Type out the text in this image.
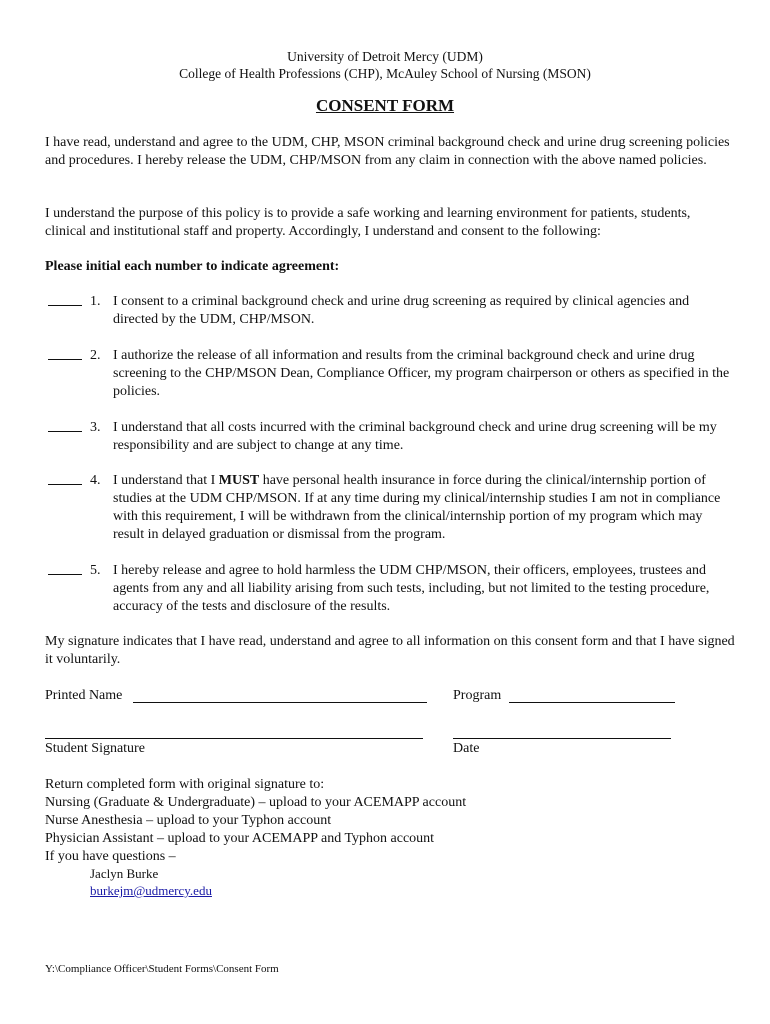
University of Detroit Mercy (UDM)
College of Health Professions (CHP), McAuley School of Nursing (MSON)
CONSENT FORM
I have read, understand and agree to the UDM, CHP, MSON criminal background check and urine drug screening policies and procedures. I hereby release the UDM, CHP/MSON from any claim in connection with the above named policies.
I understand the purpose of this policy is to provide a safe working and learning environment for patients, students, clinical and institutional staff and property. Accordingly, I understand and consent to the following:
Please initial each number to indicate agreement:
1. I consent to a criminal background check and urine drug screening as required by clinical agencies and directed by the UDM, CHP/MSON.
2. I authorize the release of all information and results from the criminal background check and urine drug screening to the CHP/MSON Dean, Compliance Officer, my program chairperson or others as specified in the policies.
3. I understand that all costs incurred with the criminal background check and urine drug screening will be my responsibility and are subject to change at any time.
4. I understand that I MUST have personal health insurance in force during the clinical/internship portion of studies at the UDM CHP/MSON. If at any time during my clinical/internship studies I am not in compliance with this requirement, I will be withdrawn from the clinical/internship portion of my program which may result in delayed graduation or dismissal from the program.
5. I hereby release and agree to hold harmless the UDM CHP/MSON, their officers, employees, trustees and agents from any and all liability arising from such tests, including, but not limited to the testing procedure, accuracy of the tests and disclosure of the results.
My signature indicates that I have read, understand and agree to all information on this consent form and that I have signed it voluntarily.
Printed Name	Program
Student Signature	Date
Return completed form with original signature to:
Nursing (Graduate & Undergraduate) – upload to your ACEMAPP account
Nurse Anesthesia – upload to your Typhon account
Physician Assistant – upload to your ACEMAPP and Typhon account
If you have questions –
Jaclyn Burke
burkejm@udmercy.edu
Y:\Compliance Officer\Student Forms\Consent Form
